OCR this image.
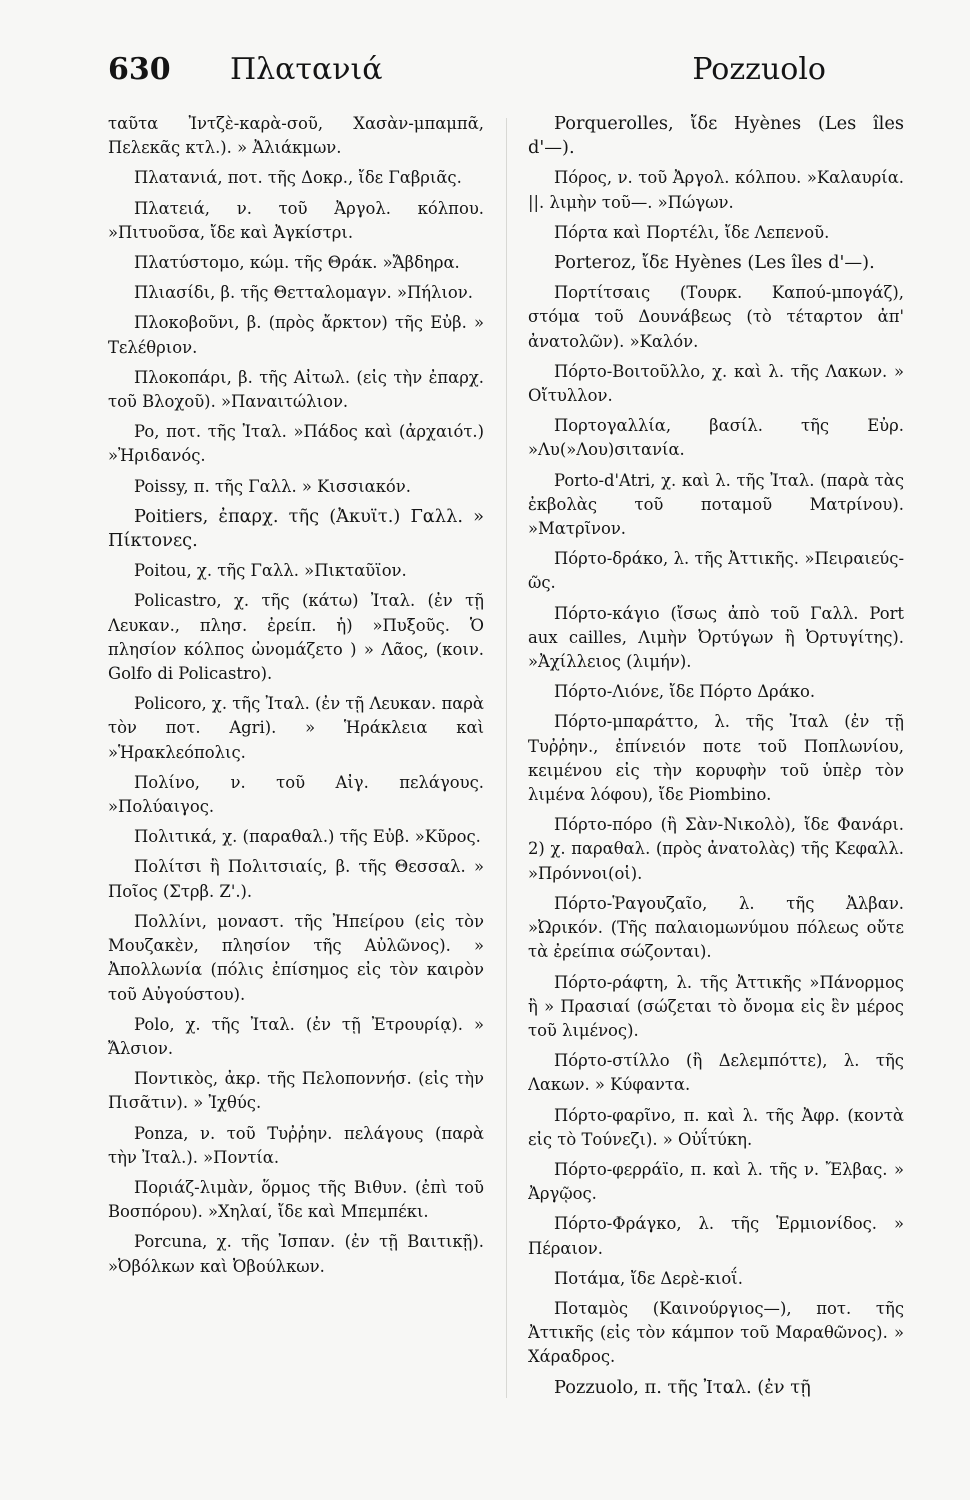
630 Πλατανιά	Pozzuolo

ταῦτα Ἰντζὲ-καρὰ-σοῦ, Χασὰν-μπαμπᾶ, Πελεκᾶς κτλ.). » Ἀλιάκμων.

Πλατανιά, ποτ. τῆς Δοκρ., ἴδε Γαβριᾶς.

Πλατειά, ν. τοῦ Ἀργολ. κόλπου. »Πιτυοῦσα, ἴδε καὶ Ἀγκίστρι.

Πλατύστομο, κώμ. τῆς Θράκ. »Ἄβδηρα.

Πλιασίδι, β. τῆς Θετταλομαγν. »Πήλιον.

Πλοκοβοῦνι, β. (πρὸς ἄρκτον) τῆς Εὐβ. » Τελέθριον.

Πλοκοπάρι, β. τῆς Αἰτωλ. (εἰς τὴν ἐπαρχ. τοῦ Βλοχοῦ). »Παναιτώλιον.

Po, ποτ. τῆς Ἰταλ. »Πάδος καὶ (ἀρχαιότ.) »Ἠριδανός.

Poissy, π. τῆς Γαλλ. » Κισσιακόν.

Poitiers, ἐπαρχ. τῆς (Ἀκυϊτ.) Γαλλ. » Πίκτονες.

Poitou, χ. τῆς Γαλλ. »Πικταῦϊον.

Policastro, χ. τῆς (κάτω) Ἰταλ. (ἐν τῇ Λευκαν., πλησ. ἐρείπ. ἡ) »Πυξοῦς. Ὁ πλησίον κόλπος ὠνομάζετο ) » Λᾶος, (κοιν. Golfo di Policastro).

Policoro, χ. τῆς Ἰταλ. (ἐν τῇ Λευκαν. παρὰ τὸν ποτ. Agri). » Ἡράκλεια καὶ »Ἡρακλεόπολις.

Πολίνο, ν. τοῦ Αἰγ. πελάγους. »Πολύαιγος.

Πολιτικά, χ. (παραθαλ.) τῆς Εὐβ. »Κῦρος.

Πολίτσι ἢ Πολιτσιαίς, β. τῆς Θεσσαλ. » Ποῖος (Στρβ. Ζ'.).

Πολλίνι, μοναστ. τῆς Ἠπείρου (εἰς τὸν Μουζακὲν, πλησίον τῆς Αὐλῶνος). » Ἀπολλωνία (πόλις ἐπίσημος εἰς τὸν καιρὸν τοῦ Αὐγούστου).

Polo, χ. τῆς Ἰταλ. (ἐν τῇ Ἐτρουρίᾳ). » Ἄλσιον.

Ποντικὸς, ἀκρ. τῆς Πελοποννήσ. (εἰς τὴν Πισᾶτιν). » Ἰχθύς.

Ponza, ν. τοῦ Τυῤῥην. πελάγους (παρὰ τὴν Ἰταλ.). »Ποντία.

Ποριάζ-λιμὰν, ὅρμος τῆς Βιθυν. (ἐπὶ τοῦ Βοσπόρου). »Χηλαί, ἴδε καὶ Μπεμπέκι.

Porcuna, χ. τῆς Ἰσπαν. (ἐν τῇ Βαιτικῇ). »Ὀβόλκων καὶ Ὀβούλκων.

Porquerolles, ἴδε Hyènes (Les îles d'—).

Πόρος, ν. τοῦ Ἀργολ. κόλπου. »Καλαυρία. ||. λιμὴν τοῦ—. »Πώγων.

Πόρτα καὶ Πορτέλι, ἴδε Λεπενοῦ.

Porteroz, ἴδε Hyènes (Les îles d'—).

Πορτίτσαις (Τουρκ. Καπού-μπογάζ), στόμα τοῦ Δουνάβεως (τὸ τέταρτον ἀπ' ἀνατολῶν). »Καλόν.

Πόρτο-Βοιτοῦλλο, χ. καὶ λ. τῆς Λακων. » Οἴτυλλον.

Πορτογαλλία, βασίλ. τῆς Εὐρ. »Λυ(»Λου)σιτανία.

Porto-d'Atri, χ. καὶ λ. τῆς Ἰταλ. (παρὰ τὰς ἐκβολὰς τοῦ ποταμοῦ Ματρίνου). »Ματρῖνον.

Πόρτο-δράκο, λ. τῆς Ἀττικῆς. »Πειραιεύς-ῶς.

Πόρτο-κάγιο (ἴσως ἀπὸ τοῦ Γαλλ. Port aux cailles, Λιμὴν Ὀρτύγων ἢ Ὀρτυγίτης). »Ἀχίλλειος (λιμήν).

Πόρτο-Λιόνε, ἴδε Πόρτο Δράκο.

Πόρτο-μπαράττο, λ. τῆς Ἰταλ (ἐν τῇ Τυῤῥην., ἐπίνειόν ποτε τοῦ Ποπλωνίου, κειμένου εἰς τὴν κορυφὴν τοῦ ὑπὲρ τὸν λιμένα λόφου), ἴδε Piombino.

Πόρτο-πόρο (ἢ Σὰν-Νικολὸ), ἴδε Φανάρι. 2) χ. παραθαλ. (πρὸς ἀνατολὰς) τῆς Κεφαλλ. »Πρόννοι(οἱ).

Πόρτο-Ῥαγουζαῖο, λ. τῆς Ἀλβαν. »Ὠρικόν. (Τῆς παλαιομωνύμου πόλεως οὔτε τὰ ἐρείπια σώζονται).

Πόρτο-ράφτη, λ. τῆς Ἀττικῆς »Πάνορμος ἢ » Πρασιαί (σώζεται τὸ ὄνομα εἰς ἓν μέρος τοῦ λιμένος).

Πόρτο-στίλλο (ἢ Δελεμπόττε), λ. τῆς Λακων. » Κύφαντα.

Πόρτο-φαρῖνο, π. καὶ λ. τῆς Ἀφρ. (κοντὰ εἰς τὸ Τούνεζι). » Οὐΐτύκη.

Πόρτο-φερράϊο, π. καὶ λ. τῆς ν. Ἔλβας. » Ἀργῷος.

Πόρτο-Φράγκο, λ. τῆς Ἑρμιονίδος. » Πέραιον.

Ποτάμα, ἴδε Δερὲ-κιοΐ.

Ποταμὸς (Καινούργιος—), ποτ. τῆς Ἀττικῆς (εἰς τὸν κάμπον τοῦ Μαραθῶνος). » Χάραδρος.

Pozzuolo, π. τῆς Ἰταλ. (ἐν τῇ
